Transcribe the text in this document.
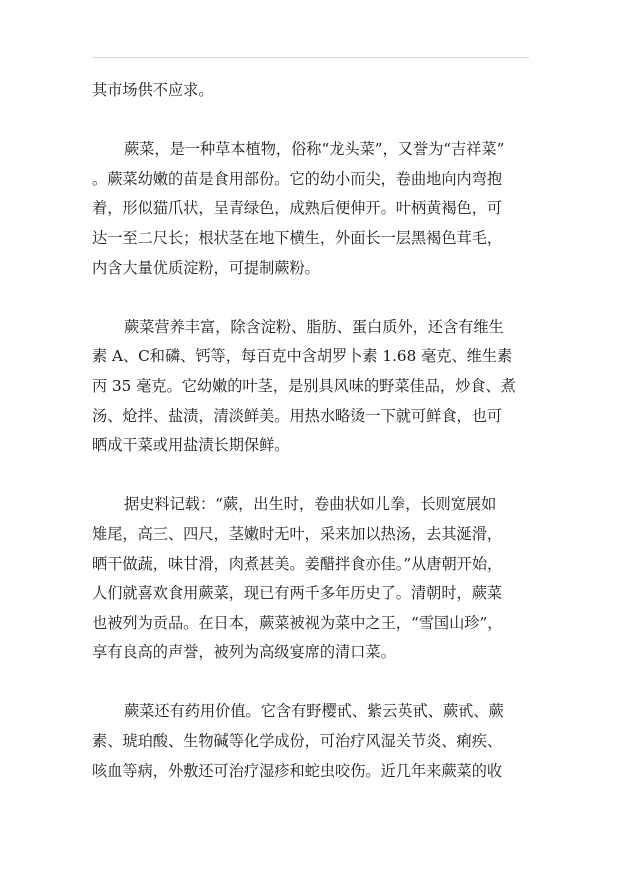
其市场供不应求。
蕨菜，是一种草本植物，俗称“龙头菜”，又誉为“吉祥菜”
。蕨菜幼嫩的苗是食用部份。它的幼小而尖，卷曲地向内弯抱
着，形似猫爪状，呈青绿色，成熟后便伸开。叶柄黄褐色，可
达一至二尺长；根状茎在地下横生，外面长一层黑褐色茸毛，
内含大量优质淀粉，可提制蕨粉。
蕨菜营养丰富，除含淀粉、脂肪、蛋白质外，还含有维生
素 A、C和磷、钙等，每百克中含胡罗卜素 1.68 毫克、维生素
丙 35 毫克。它幼嫩的叶茎，是别具风味的野菜佳品，炒食、煮
汤、炝拌、盐渍，清淡鲜美。用热水略烫一下就可鲜食，也可
晒成干菜或用盐渍长期保鲜。
据史料记载：“蕨，出生时，卷曲状如儿拳，长则宽展如
雉尾，高三、四尺，茎嫩时无叶，采来加以热汤，去其涎滑，
晒干做蔬，味甘滑，肉煮甚美。姜醋拌食亦佳。”从唐朝开始，
人们就喜欢食用蕨菜，现已有两千多年历史了。清朝时，蕨菜
也被列为贡品。在日本，蕨菜被视为菜中之王，“雪国山珍”，
享有良高的声誉，被列为高级宴席的清口菜。
蕨菜还有药用价值。它含有野樱甙、紫云英甙、蕨甙、蕨
素、琥珀酸、生物碱等化学成份，可治疗风湿关节炎、痢疾、
咳血等病，外敷还可治疗湿疹和蛇虫咬伤。近几年来蕨菜的收
